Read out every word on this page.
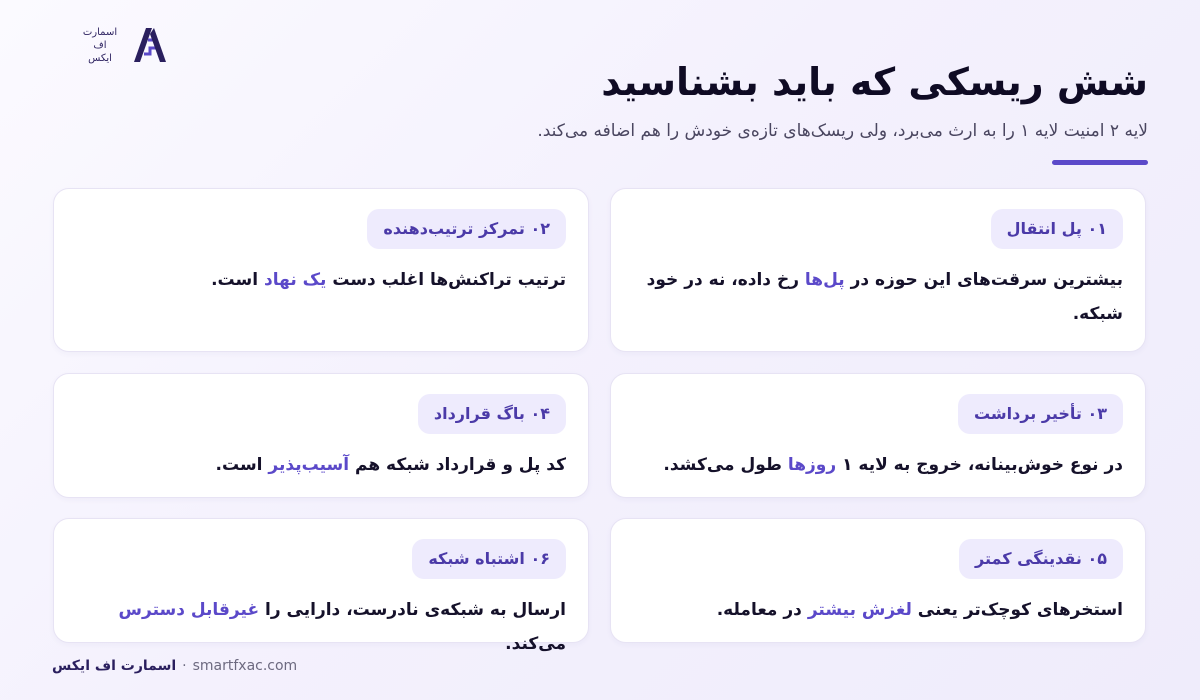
اسمارت
اف
ایکس
شش ریسکی که باید بشناسید

لایه ۲ امنیت لایه ۱ را به ارث می‌برد، ولی ریسک‌های تازه‌ی خودش را هم اضافه می‌کند.

۰۱ پل انتقال

بیشترین سرقت‌های این حوزه در پل‌ها رخ داده، نه در خود شبکه.

۰۲ تمرکز ترتیب‌دهنده

ترتیب تراکنش‌ها اغلب دست یک نهاد است.

۰۳ تأخیر برداشت

در نوع خوش‌بینانه، خروج به لایه ۱ روزها طول می‌کشد.

۰۴ باگ قرارداد

کد پل و قرارداد شبکه هم آسیب‌پذیر است.

۰۵ نقدینگی کمتر

استخرهای کوچک‌تر یعنی لغزش بیشتر در معامله.

۰۶ اشتباه شبکه

ارسال به شبکه‌ی نادرست، دارایی را غیرقابل دسترس می‌کند.

اسمارت اف ایکس · smartfxac.com
